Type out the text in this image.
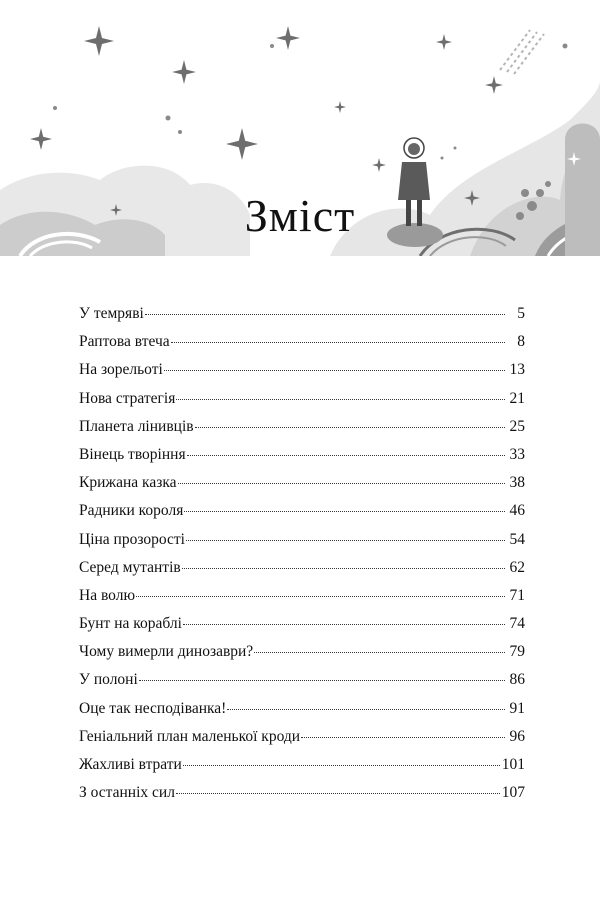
Зміст
У темряві	5
Раптова втеча	8
На зорельоті	13
Нова стратегія	21
Планета лінивців	25
Вінець творіння	33
Крижана казка	38
Радники короля	46
Ціна прозорості	54
Серед мутантів	62
На волю	71
Бунт на кораблі	74
Чому вимерли динозаври?	79
У полоні	86
Оце так несподіванка!	91
Геніальний план маленької кроди	96
Жахливі втрати	101
З останніх сил	107
